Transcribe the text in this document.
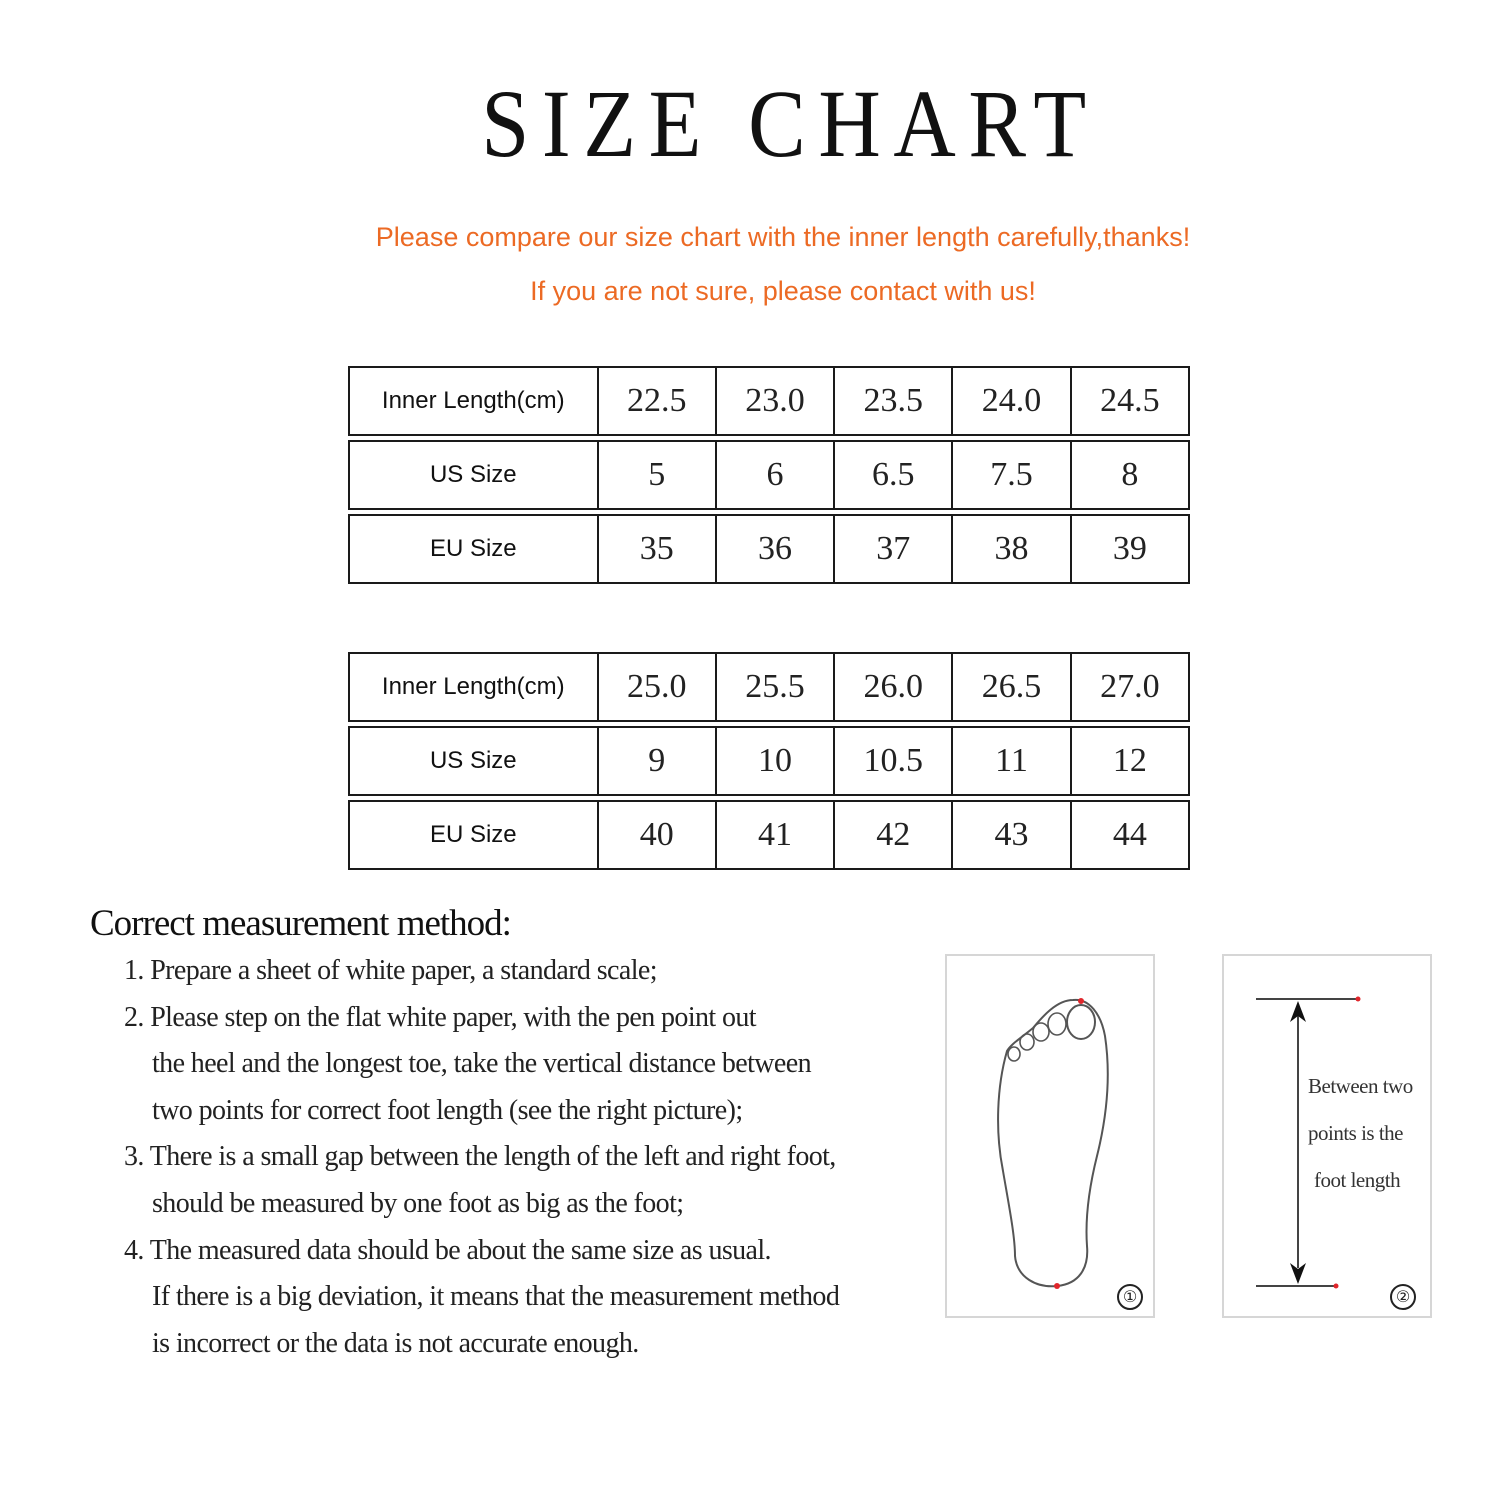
SIZE CHART
Please compare our size chart with the inner length carefully,thanks!
If you are not sure, please contact with us!
Inner Length(cm)	22.5	23.0	23.5	24.0	24.5
US Size	5	6	6.5	7.5	8
EU Size	35	36	37	38	39
Inner Length(cm)	25.0	25.5	26.0	26.5	27.0
US Size	9	10	10.5	11	12
EU Size	40	41	42	43	44
Correct measurement method:
1. Prepare a sheet of white paper, a standard scale;
2. Please step on the flat white paper, with the pen point out
the heel and the longest toe, take the vertical distance between
two points for correct foot length (see the right picture);
3. There is a small gap between the length of the left and right foot,
should be measured by one foot as big as the foot;
4. The measured data should be about the same size as usual.
If there is a big deviation, it means that the measurement method
is incorrect or the data is not accurate enough.
①
Between two
points is the
foot length
②
